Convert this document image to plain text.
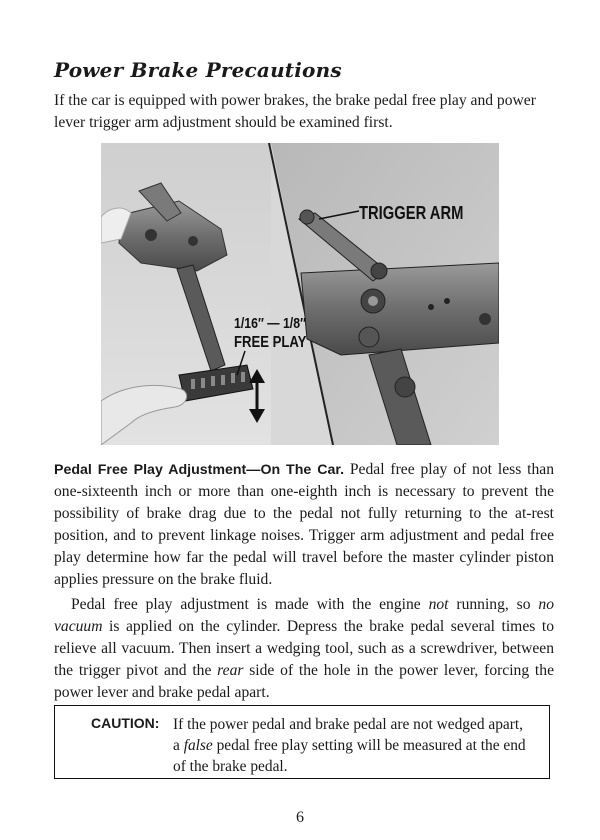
Power Brake Precautions

If the car is equipped with power brakes, the brake pedal free play and power lever trigger arm adjustment should be examined first.

TRIGGER ARM
1/16″ — 1/8″
FREE PLAY

Pedal Free Play Adjustment—On The Car. Pedal free play of not less than one-sixteenth inch or more than one-eighth inch is necessary to prevent the possibility of brake drag due to the pedal not fully returning to the at-rest position, and to prevent linkage noises. Trigger arm adjustment and pedal free play determine how far the pedal will travel before the master cylinder piston applies pressure on the brake fluid.

Pedal free play adjustment is made with the engine not running, so no vacuum is applied on the cylinder. Depress the brake pedal several times to relieve all vacuum. Then insert a wedging tool, such as a screwdriver, between the trigger pivot and the rear side of the hole in the power lever, forcing the power lever and brake pedal apart.

CAUTION: If the power pedal and brake pedal are not wedged apart, a false pedal free play setting will be measured at the end of the brake pedal.

6
